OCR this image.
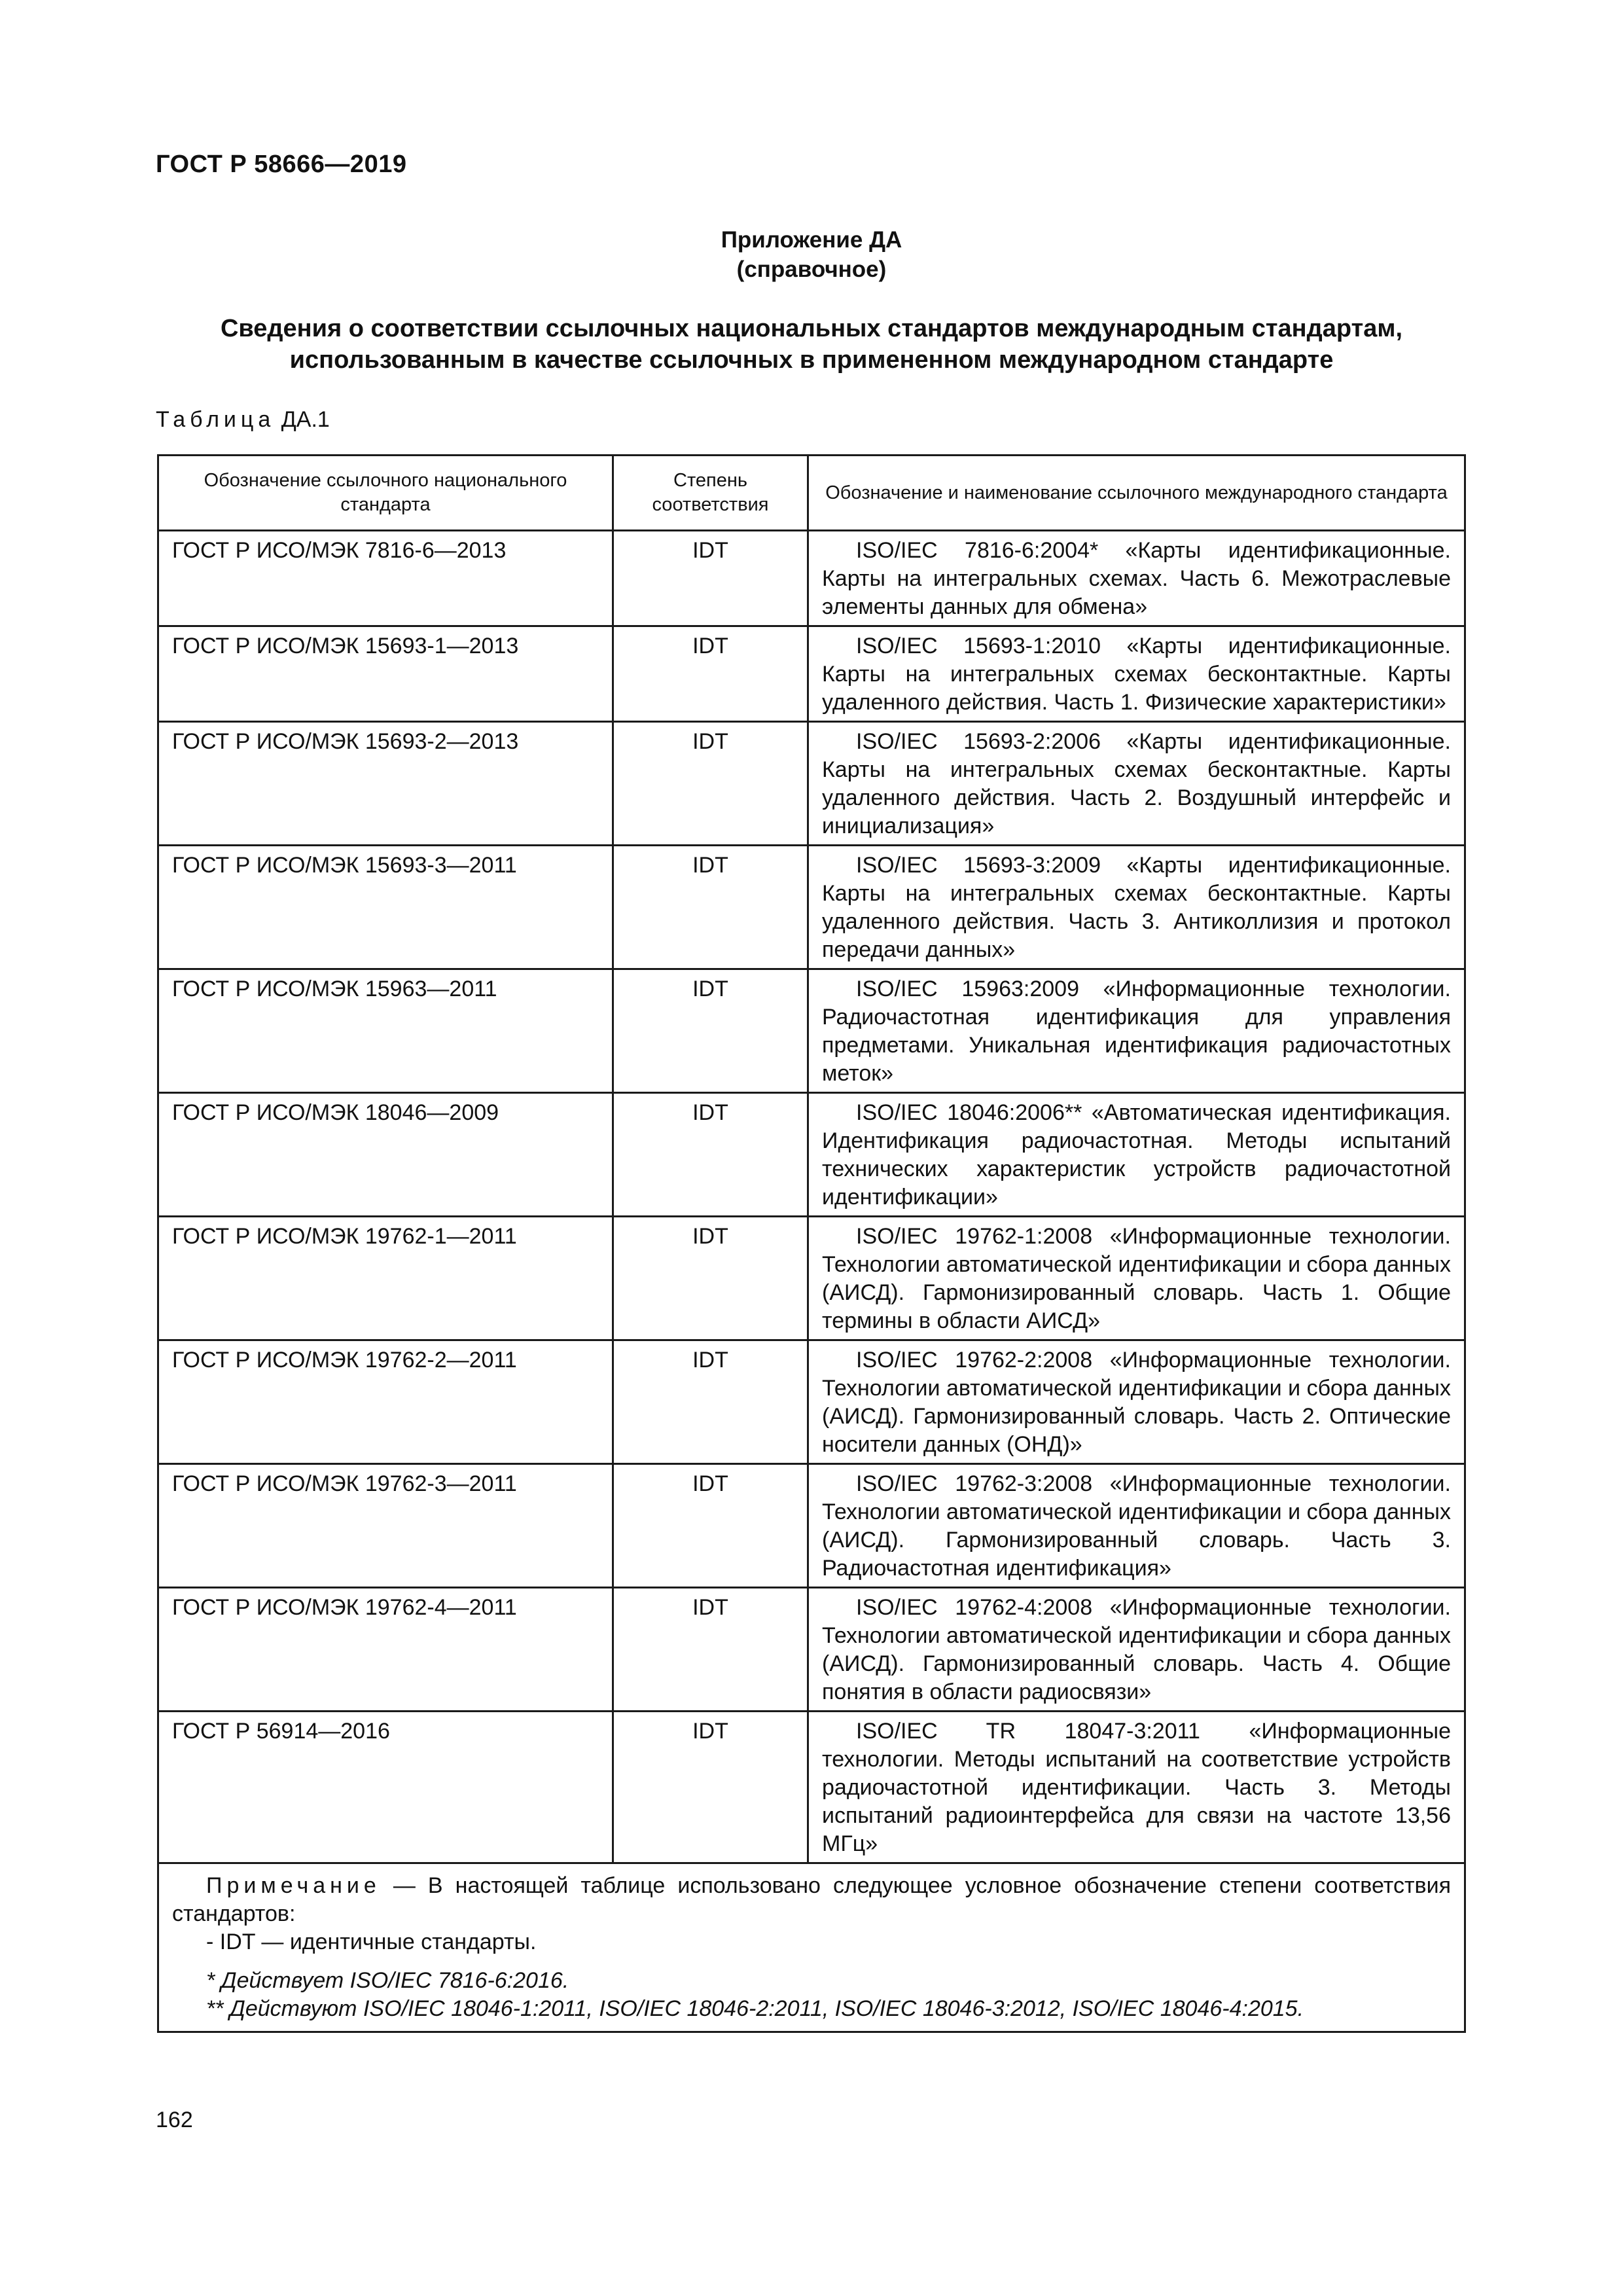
ГОСТ Р 58666—2019
Приложение ДА
(справочное)
Сведения о соответствии ссылочных национальных стандартов международным стандартам,
использованным в качестве ссылочных в примененном международном стандарте
Таблица ДА.1
Обозначение ссылочного национального стандарта	Степень соответствия	Обозначение и наименование ссылочного международного стандарта
ГОСТ Р ИСО/МЭК 7816-6—2013	IDT	ISO/IEC 7816-6:2004* «Карты идентификационные. Карты на интегральных схемах. Часть 6. Межотраслевые элементы данных для обмена»
ГОСТ Р ИСО/МЭК 15693-1—2013	IDT	ISO/IEC 15693-1:2010 «Карты идентификационные. Карты на интегральных схемах бесконтактные. Карты удаленного действия. Часть 1. Физические характеристики»
ГОСТ Р ИСО/МЭК 15693-2—2013	IDT	ISO/IEC 15693-2:2006 «Карты идентификационные. Карты на интегральных схемах бесконтактные. Карты удаленного действия. Часть 2. Воздушный интерфейс и инициализация»
ГОСТ Р ИСО/МЭК 15693-3—2011	IDT	ISO/IEC 15693-3:2009 «Карты идентификационные. Карты на интегральных схемах бесконтактные. Карты удаленного действия. Часть 3. Антиколлизия и протокол передачи данных»
ГОСТ Р ИСО/МЭК 15963—2011	IDT	ISO/IEC 15963:2009 «Информационные технологии. Радиочастотная идентификация для управления предметами. Уникальная идентификация радиочастотных меток»
ГОСТ Р ИСО/МЭК 18046—2009	IDT	ISO/IEC 18046:2006** «Автоматическая идентификация. Идентификация радиочастотная. Методы испытаний технических характеристик устройств радиочастотной идентификации»
ГОСТ Р ИСО/МЭК 19762-1—2011	IDT	ISO/IEC 19762-1:2008 «Информационные технологии. Технологии автоматической идентификации и сбора данных (АИСД). Гармонизированный словарь. Часть 1. Общие термины в области АИСД»
ГОСТ Р ИСО/МЭК 19762-2—2011	IDT	ISO/IEC 19762-2:2008 «Информационные технологии. Технологии автоматической идентификации и сбора данных (АИСД). Гармонизированный словарь. Часть 2. Оптические носители данных (ОНД)»
ГОСТ Р ИСО/МЭК 19762-3—2011	IDT	ISO/IEC 19762-3:2008 «Информационные технологии. Технологии автоматической идентификации и сбора данных (АИСД). Гармонизированный словарь. Часть 3. Радиочастотная идентификация»
ГОСТ Р ИСО/МЭК 19762-4—2011	IDT	ISO/IEC 19762-4:2008 «Информационные технологии. Технологии автоматической идентификации и сбора данных (АИСД). Гармонизированный словарь. Часть 4. Общие понятия в области радиосвязи»
ГОСТ Р 56914—2016	IDT	ISO/IEC TR 18047-3:2011 «Информационные технологии. Методы испытаний на соответствие устройств радиочастотной идентификации. Часть 3. Методы испытаний радиоинтерфейса для связи на частоте 13,56 МГц»

Примечание — В настоящей таблице использовано следующее условное обозначение степени соответствия стандартов:
- IDT — идентичные стандарты.
* Действует ISO/IEC 7816-6:2016.
** Действуют ISO/IEC 18046-1:2011, ISO/IEC 18046-2:2011, ISO/IEC 18046-3:2012, ISO/IEC 18046-4:2015.		
162
